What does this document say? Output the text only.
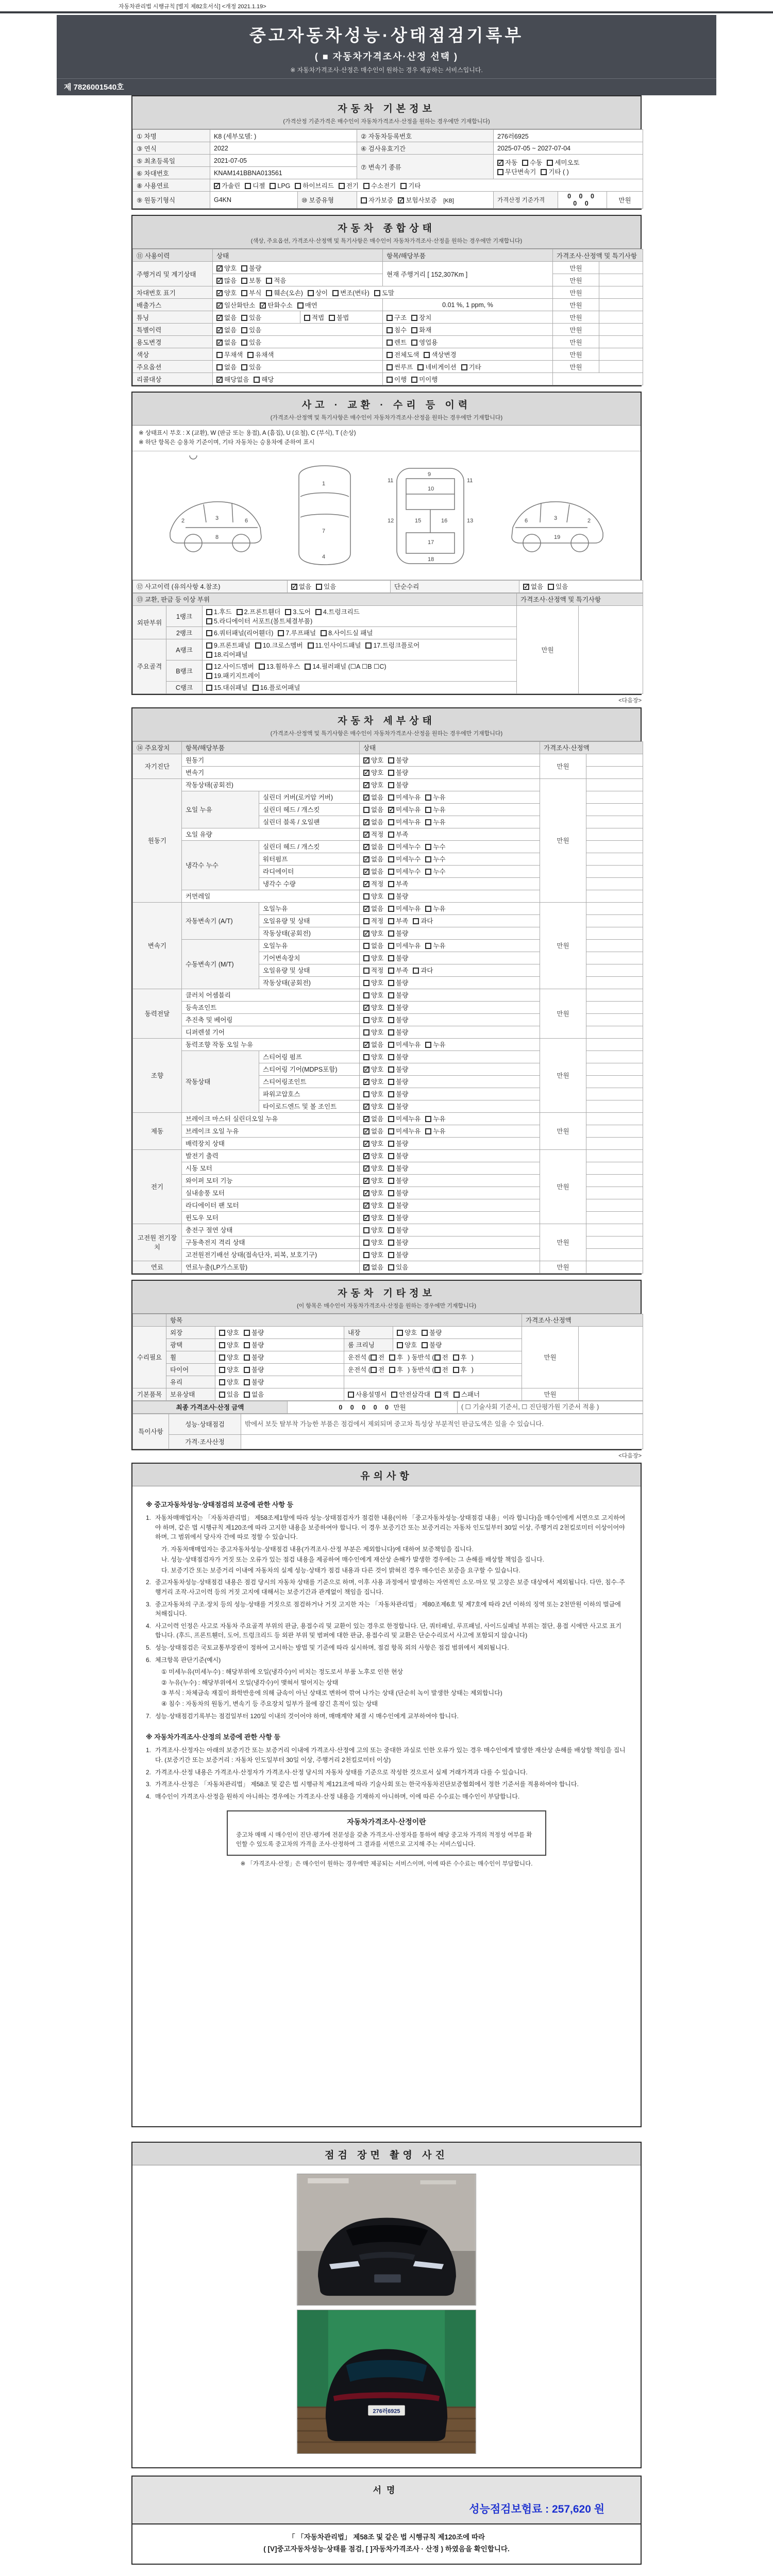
자동차관리법 시행규칙 [별지 제82호서식] <개정 2021.1.19>
중고자동차성능·상태점검기록부
( ■ 자동차가격조사·산정 선택 )
※ 자동차가격조사·산정은 매수인이 원하는 경우 제공하는 서비스입니다.
제 7826001540호
자동차 기본정보
(가격산정 기준가격은 매수인이 자동차가격조사·산정을 원하는 경우에만 기재합니다)
① 차명	K8 (세부모델: )		② 자동차등록번호	276러6925		
③ 연식	2022		④ 검사유효기간	2025-07-05 ~ 2027-07-04		
⑤ 최초등록일	2021-07-05		⑦ 변속기 종류	
✓자동 수동 세미오토
무단변속기 기타 ( )

⑥ 차대번호	KNAM141BBNA013561					
⑧ 사용연료	✓가솔린 디젤 LPG 하이브리드 전기 수소전기 기타
⑨ 원동기형식	G4KN	⑩ 보증유형	자가보증 ✓ 보험사보증 [KB]	가격산정 기준가격	0 0 0 0 0	만원
자동차 종합상태
(색상, 주요옵션, 가격조사·산정액 및 특기사항은 매수인이 자동차가격조사·산정을 원하는 경우에만 기재합니다)
⑪ 사용이력	상태		항목/해당부품	가격조사·산정액 및 특기사항	
주행거리 및 계기상태	✓양호 불량		현재 주행거리 [ 152,307Km ]	만원	
✓많음 보통 적음			만원	
차대번호 표기	✓양호 부식 훼손(오손) 상이 변조(변타) 도말			만원	
배출가스	✓일산화탄소 ✓ 탄화수소 매연		0.01 %, 1 ppm, %	만원	
튜닝	✓없음 있음	적법 불법	구조 장치	만원	
특별이력	✓없음 있음		침수 화재	만원	
용도변경	✓없음 있음		렌트 영업용	만원	
색상	무채색 유채색		전체도색 색상변경	만원	
주요옵션	없음 있음		썬루프 네비게이션 기타	만원	
리콜대상	✓해당없음 해당		이행 미이행		
사고 · 교환 · 수리 등 이력
(가격조사·산정액 및 특기사항은 매수인이 자동차가격조사·산정을 원하는 경우에만 기재합니다)
※ 상태표시 부호 : X (교환), W (판금 또는 용접), A (흠집), U (요철), C (부식), T (손상)
※ 하단 항목은 승용차 기준이며, 기타 자동차는 승용차에 준하여 표시
2	3	6
8
1
7
4
11	11
9
10
12	13
15	16
17
18
3
6	2
19
⑫ 사고이력 (유의사항 4.참조)	✓없음 있음	단순수리	✓없음 있음
⑬ 교환, 판금 등 이상 부위			가격조사·산정액 및 특기사항	
외판부위	1랭크	1.후드 2.프론트휀더 3.도어 4.트렁크리드
5.라디에이터 서포트(볼트체결부품)	만원	
	2랭크	6.쿼터패널(리어휀더) 7.루프패널 8.사이드실 패널		
주요골격	A랭크	9.프론트패널 10.크로스멤버 11.인사이드패널 17.트렁크플로어
18.리어패널		

	B랭크	12.사이드멤버 13.휠하우스 14.필러패널 (☐A ☐B ☐C)
19.패키지트레이		

	C랭크	15.대쉬패널 16.플로어패널		
<다음장>
자동차 세부상태
(가격조사·산정액 및 특기사항은 매수인이 자동차가격조사·산정을 원하는 경우에만 기재합니다)
⑭ 주요장치	항목/해당부품		상태	가격조사·산정액	
자기진단	원동기	✓양호 불량	만원	
	변속기	✓양호 불량	
원동기	작동상태(공회전)	✓양호 불량	만원	
	오일 누유	실린더 커버(로커암 커버)	✓없음 미세누유 누유	
		실린더 헤드 / 개스킷	없음 ✓ 미세누유 누유	
		실린더 블록 / 오일팬	✓없음 미세누유 누유	
	오일 유량	✓적정 부족	
	냉각수 누수	실린더 헤드 / 개스킷	✓없음 미세누수 누수	
		워터펌프	✓없음 미세누수 누수	
		라디에이터	✓없음 미세누수 누수	
		냉각수 수량	✓적정 부족	
	커먼레일		양호 불량		
변속기	자동변속기 (A/T)	오일누유	✓없음 미세누유 누유	만원	
		오일유량 및 상태	적정 부족 과다		
		작동상태(공회전)	✓양호 불량	
	수동변속기 (M/T)	오일누유	없음 미세누유 누유		
		기어변속장치	양호 불량		
		오일유량 및 상태	적정 부족 과다		
		작동상태(공회전)	양호 불량		
동력전달	클러치 어셈블리		양호 불량	만원	
	등속죠인트	✓양호 불량	
	추진축 및 베어링		양호 불량		
	디퍼렌셜 기어		양호 불량		
조향	동력조향 작동 오일 누유	✓없음 미세누유 누유	만원	
	작동상태	스티어링 펌프	양호 불량		
		스티어링 기어(MDPS포함)	✓양호 불량	
		스티어링조인트	✓양호 불량	
		파워고압호스	양호 불량		
		타이로드엔드 및 볼 조인트	✓양호 불량	
제동	브레이크 마스터 실린더오일 누유	✓없음 미세누유 누유	만원	
	브레이크 오일 누유	✓없음 미세누유 누유	
	배력장치 상태	✓양호 불량	
전기	발전기 출력	✓양호 불량	만원	
	시동 모터	✓양호 불량	
	와이퍼 모터 기능	✓양호 불량	
	실내송풍 모터	✓양호 불량	
	라디에이터 팬 모터	✓양호 불량	
	윈도우 모터	✓양호 불량	
고전원 전기장치	충전구 절연 상태		양호 불량	만원	
	구동축전지 격리 상태		양호 불량		
	고전원전기배선 상태(접속단자, 피복, 보호기구)		양호 불량		
연료	연료누출(LP가스포함)	✓없음 있음	만원	
자동차 기타정보
(이 항목은 매수인이 자동차가격조사·산정을 원하는 경우에만 기재합니다)
	항목				가격조사·산정액	
수리필요	외장	양호 불량	내장	양호 불량	만원	
	광택	양호 불량	룸 크리닝	양호 불량		
	휠	양호 불량	운전석 ( 전 후 ) 동반석 ( 전 후 )			
	타이어	양호 불량	운전석 ( 전 후 ) 동반석 ( 전 후 )			
	유리	양호 불량				
기본품목	보유상태	있음 없음	사용설명서 안전삼각대 잭 스패너		만원	
최종 가격조사·산정 금액	0 0 0 0 0 만원	( ☐ 기술사회 기준서, ☐ 진단평가원 기준서 적용 )
특이사항	성능·상태점검	밖에서 보듯 탈부착 가능한 부품은 점검에서 제외되며 중고차 특성상 부분적인 판금도색은 있을 수 있습니다.
	가격·조사산정	
<다음장>
유의사항
※ 중고자동차성능·상태점검의 보증에 관한 사항 등
1. 자동차매매업자는 「자동차관리법」 제58조제1항에 따라 성능·상태점검자가 점검한 내용(이하 「중고자동차성능·상태점검 내용」이라 합니다)을 매수인에게 서면으로 고지하여야 하며, 같은 법 시행규칙 제120조에 따라 고지한 내용을 보증하여야 합니다. 이 경우 보증기간 또는 보증거리는 자동차 인도일부터 30일 이상, 주행거리 2천킬로미터 이상이어야 하며, 그 범위에서 당사자 간에 따로 정할 수 있습니다.
가. 자동차매매업자는 중고자동차성능·상태점검 내용(가격조사·산정 부분은 제외합니다)에 대하여 보증책임을 집니다.
나. 성능·상태점검자가 거짓 또는 오류가 있는 점검 내용을 제공하여 매수인에게 재산상 손해가 발생한 경우에는 그 손해를 배상할 책임을 집니다.
다. 보증기간 또는 보증거리 이내에 자동차의 실제 성능·상태가 점검 내용과 다른 것이 밝혀진 경우 매수인은 보증을 요구할 수 있습니다.
2. 중고자동차성능·상태점검 내용은 점검 당시의 자동차 상태를 기준으로 하며, 이후 사용 과정에서 발생하는 자연적인 소모·마모 및 고장은 보증 대상에서 제외됩니다. 다만, 침수·주행거리 조작·사고이력 등의 거짓 고지에 대해서는 보증기간과 관계없이 책임을 집니다.
3. 중고자동차의 구조·장치 등의 성능·상태를 거짓으로 점검하거나 거짓 고지한 자는 「자동차관리법」 제80조제6호 및 제7호에 따라 2년 이하의 징역 또는 2천만원 이하의 벌금에 처해집니다.
4. 사고이력 인정은 사고로 자동차 주요골격 부위의 판금, 용접수리 및 교환이 있는 경우로 한정합니다. 단, 쿼터패널, 루프패널, 사이드실패널 부위는 절단, 용접 시에만 사고로 표기합니다. (후드, 프론트휀더, 도어, 트렁크리드 등 외판 부위 및 범퍼에 대한 판금, 용접수리 및 교환은 단순수리로서 사고에 포함되지 않습니다)
5. 성능·상태점검은 국토교통부장관이 정하여 고시하는 방법 및 기준에 따라 실시하며, 점검 항목 외의 사항은 점검 범위에서 제외됩니다.
6. 체크항목 판단기준(예시)
① 미세누유(미세누수) : 해당부위에 오일(냉각수)이 비치는 정도로서 부품 노후로 인한 현상
② 누유(누수) : 해당부위에서 오일(냉각수)이 맺혀서 떨어지는 상태
③ 부식 : 차체금속 재질이 화학반응에 의해 금속이 아닌 상태로 변하여 깎여 나가는 상태 (단순히 녹이 발생한 상태는 제외합니다)
④ 침수 : 자동차의 원동기, 변속기 등 주요장치 일부가 물에 잠긴 흔적이 있는 상태
7. 성능·상태점검기록부는 점검일부터 120일 이내의 것이어야 하며, 매매계약 체결 시 매수인에게 교부하여야 합니다.
※ 자동차가격조사·산정의 보증에 관한 사항 등
1. 가격조사·산정자는 아래의 보증기간 또는 보증거리 이내에 가격조사·산정에 고의 또는 중대한 과실로 인한 오류가 있는 경우 매수인에게 발생한 재산상 손해를 배상할 책임을 집니다. (보증기간 또는 보증거리 : 자동차 인도일부터 30일 이상, 주행거리 2천킬로미터 이상)
2. 가격조사·산정 내용은 가격조사·산정자가 가격조사·산정 당시의 자동차 상태를 기준으로 작성한 것으로서 실제 거래가격과 다를 수 있습니다.
3. 가격조사·산정은 「자동차관리법」 제58조 및 같은 법 시행규칙 제121조에 따라 기술사회 또는 한국자동차진단보증협회에서 정한 기준서를 적용하여야 합니다.
4. 매수인이 가격조사·산정을 원하지 아니하는 경우에는 가격조사·산정 내용을 기재하지 아니하며, 이에 따른 수수료는 매수인이 부담합니다.
자동차가격조사·산정이란
중고차 매매 시 매수인이 진단·평가에 전문성을 갖춘 가격조사·산정자를 통하여 해당 중고차 가격의 적정성 여부를 확인할 수 있도록 중고차의 가격을 조사·산정하여 그 결과를 서면으로 고지해 주는 서비스입니다.
※ 「가격조사·산정」은 매수인이 원하는 경우에만 제공되는 서비스이며, 이에 따른 수수료는 매수인이 부담합니다.
점검 장면 촬영 사진
276러6925
서명
성능점검보험료 : 257,620 원
「 「자동차관리법」 제58조 및 같은 법 시행규칙 제120조에 따라
( [V]중고자동차성능·상태를 점검, [ ]자동차가격조사 · 산정 ) 하였음을 확인합니다.
